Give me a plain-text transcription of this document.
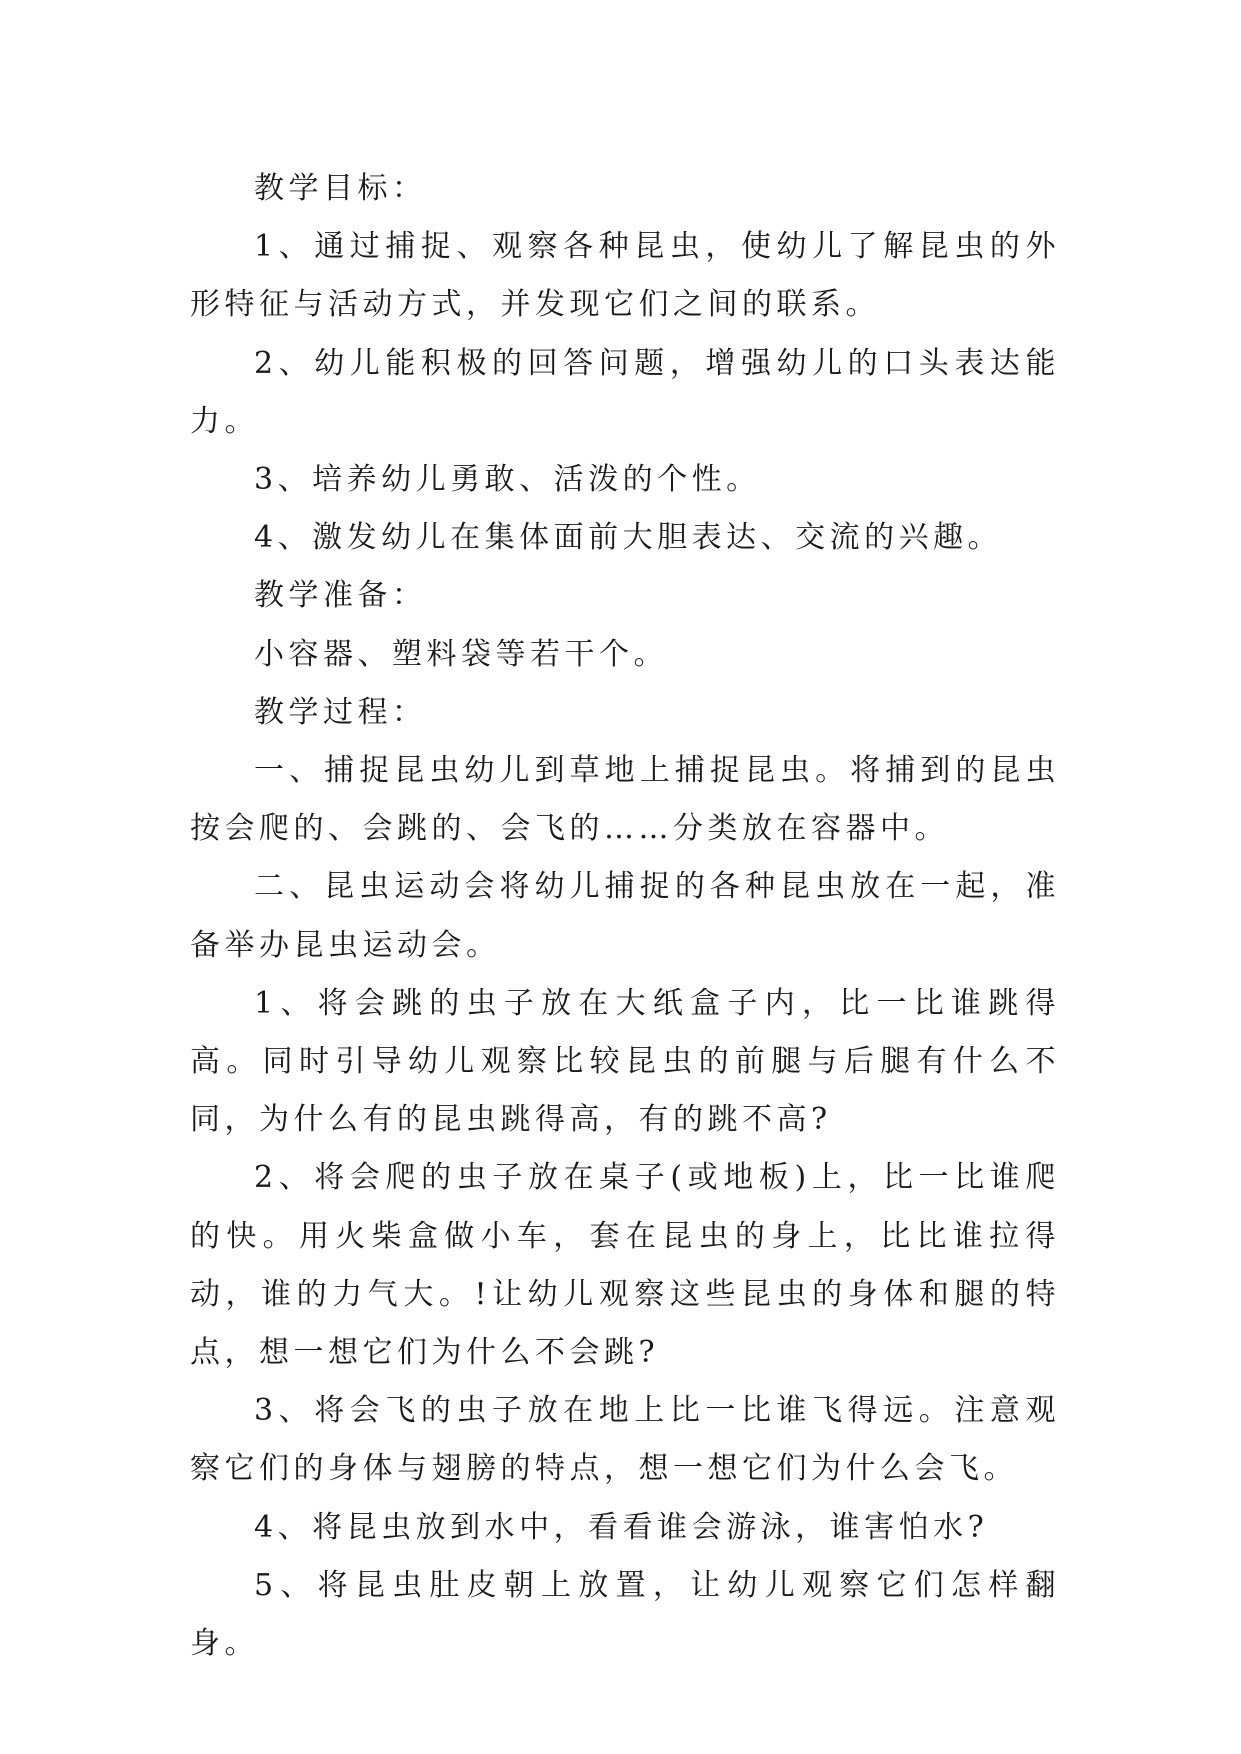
教学目标：

1、通过捕捉、观察各种昆虫，使幼儿了解昆虫的外形特征与活动方式，并发现它们之间的联系。

2、幼儿能积极的回答问题，增强幼儿的口头表达能力。

3、培养幼儿勇敢、活泼的个性。

4、激发幼儿在集体面前大胆表达、交流的兴趣。

教学准备：

小容器、塑料袋等若干个。

教学过程：

一、捕捉昆虫幼儿到草地上捕捉昆虫。将捕到的昆虫按会爬的、会跳的、会飞的……分类放在容器中。

二、昆虫运动会将幼儿捕捉的各种昆虫放在一起，准备举办昆虫运动会。

1、将会跳的虫子放在大纸盒子内，比一比谁跳得高。同时引导幼儿观察比较昆虫的前腿与后腿有什么不同，为什么有的昆虫跳得高，有的跳不高?

2、将会爬的虫子放在桌子(或地板)上，比一比谁爬的快。用火柴盒做小车，套在昆虫的身上，比比谁拉得动，谁的力气大。!让幼儿观察这些昆虫的身体和腿的特点，想一想它们为什么不会跳?

3、将会飞的虫子放在地上比一比谁飞得远。注意观察它们的身体与翅膀的特点，想一想它们为什么会飞。

4、将昆虫放到水中，看看谁会游泳，谁害怕水?

5、将昆虫肚皮朝上放置，让幼儿观察它们怎样翻身。
